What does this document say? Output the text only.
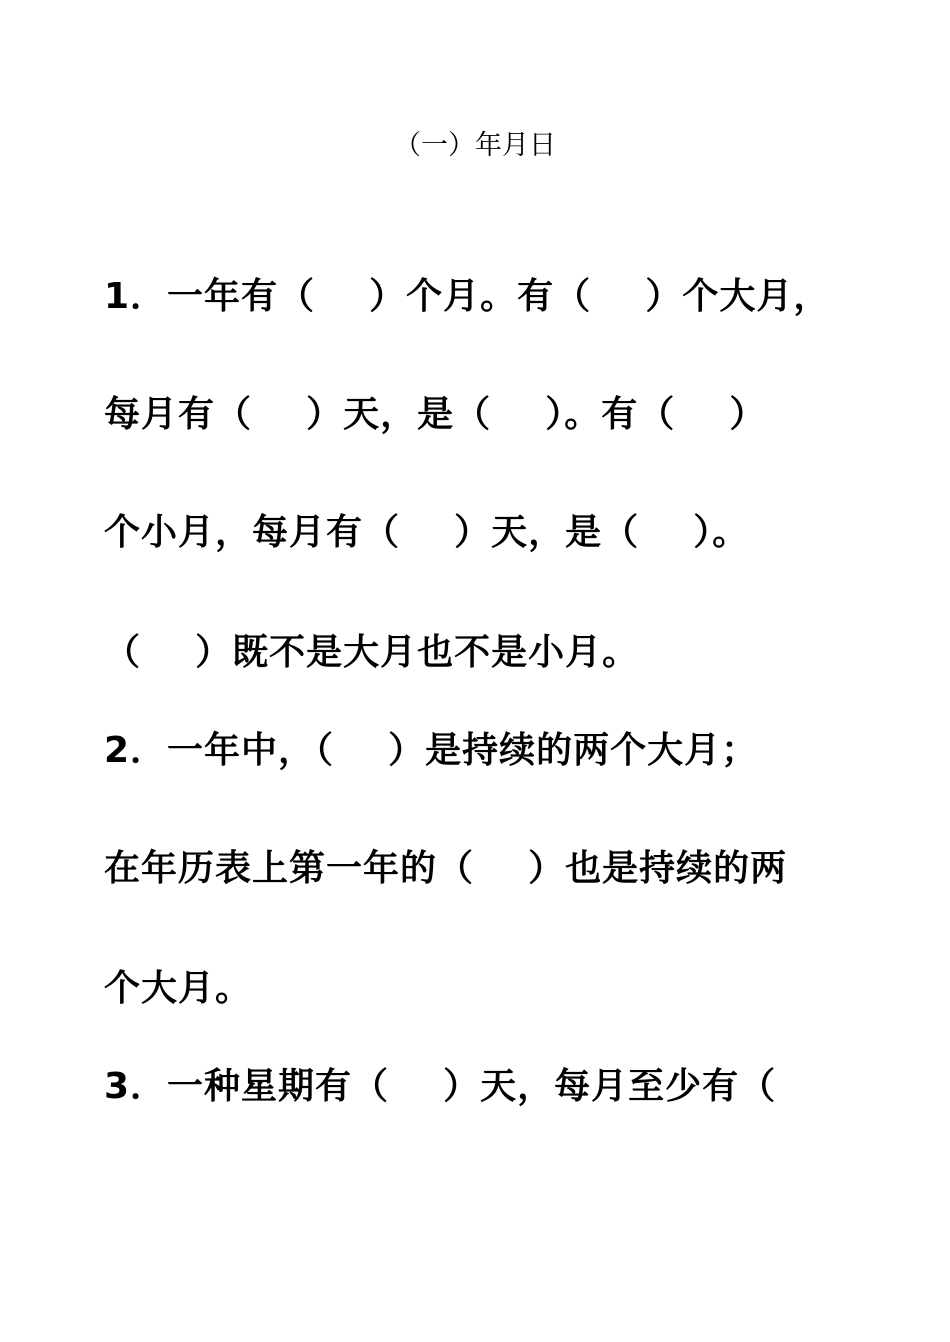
（一）年月日
1．一年有（    ）个月。有（    ）个大月，
每月有（    ）天，是（    ）。有（    ）
个小月，每月有（    ）天，是（    ）。
（    ）既不是大月也不是小月。
2．一年中，（    ）是持续的两个大月；
在年历表上第一年的（    ）也是持续的两
个大月。
3．一种星期有（    ）天，每月至少有（
